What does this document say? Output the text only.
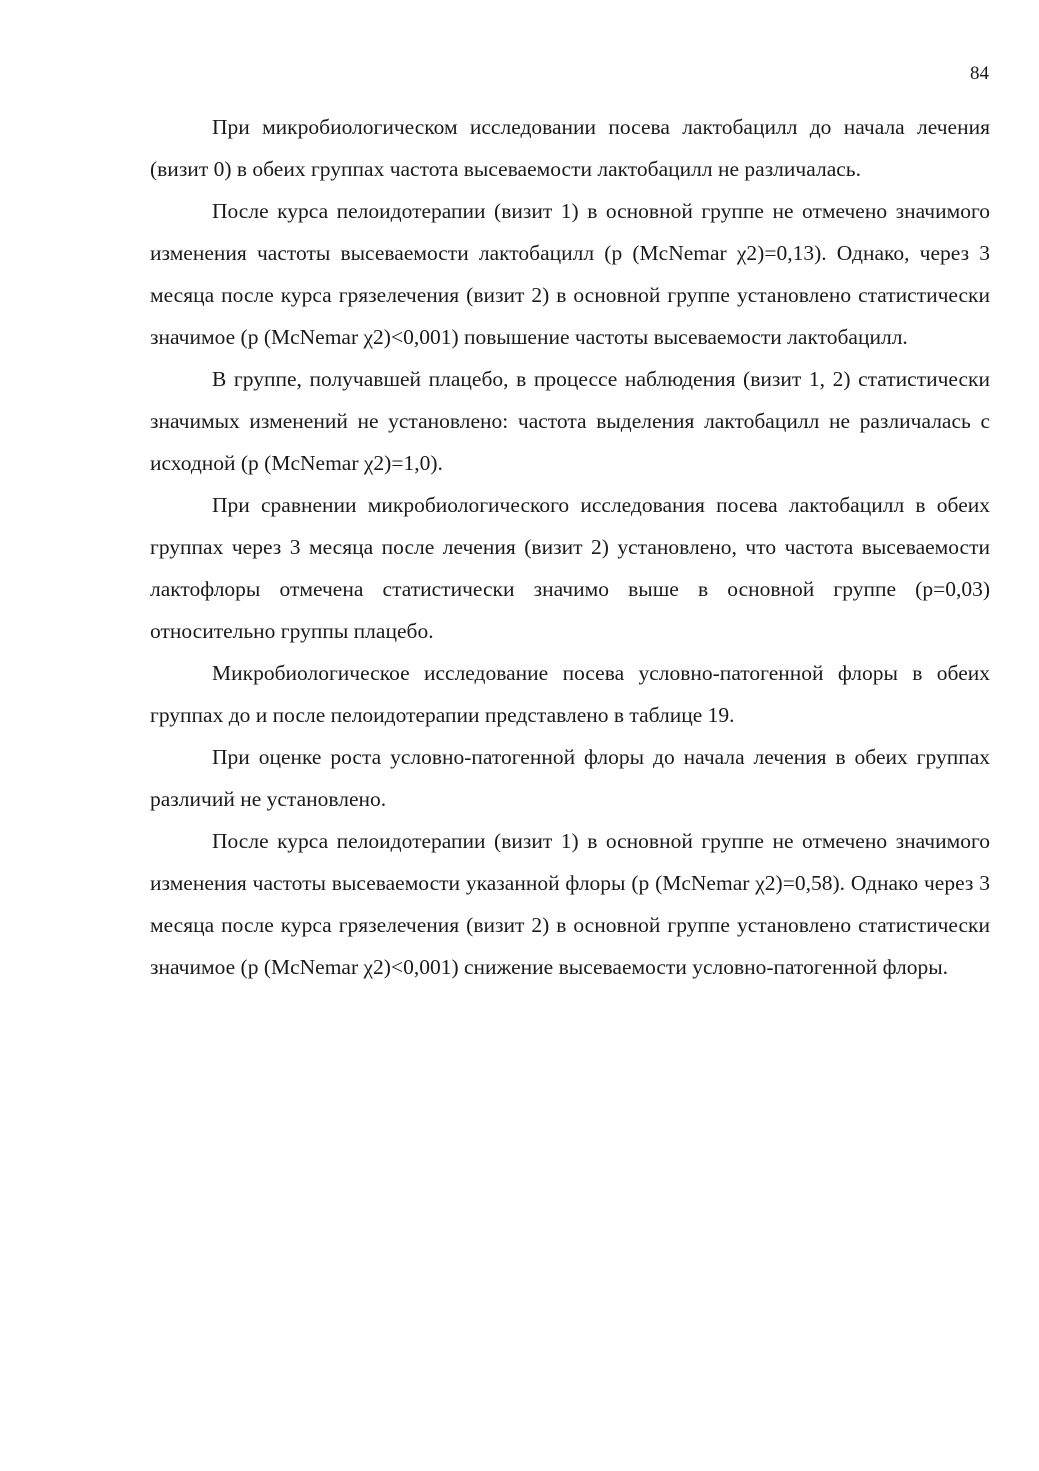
84

При микробиологическом исследовании посева лактобацилл до начала лечения (визит 0) в обеих группах частота высеваемости лактобацилл не различалась.

После курса пелоидотерапии (визит 1) в основной группе не отмечено значимого изменения частоты высеваемости лактобацилл (p (McNemar χ2)=0,13). Однако, через 3 месяца после курса грязелечения (визит 2) в основной группе установлено статистически значимое (p (McNemar χ2)<0,001) повышение частоты высеваемости лактобацилл.

В группе, получавшей плацебо, в процессе наблюдения (визит 1, 2) статистически значимых изменений не установлено: частота выделения лактобацилл не различалась с исходной (p (McNemar χ2)=1,0).

При сравнении микробиологического исследования посева лактобацилл в обеих группах через 3 месяца после лечения (визит 2) установлено, что частота высеваемости лактофлоры отмечена статистически значимо выше в основной группе (p=0,03) относительно группы плацебо.

Микробиологическое исследование посева условно-патогенной флоры в обеих группах до и после пелоидотерапии представлено в таблице 19.

При оценке роста условно-патогенной флоры до начала лечения в обеих группах различий не установлено.

После курса пелоидотерапии (визит 1) в основной группе не отмечено значимого изменения частоты высеваемости указанной флоры (p (McNemar χ2)=0,58). Однако через 3 месяца после курса грязелечения (визит 2) в основной группе установлено статистически значимое (p (McNemar χ2)<0,001) снижение высеваемости условно-патогенной флоры.
